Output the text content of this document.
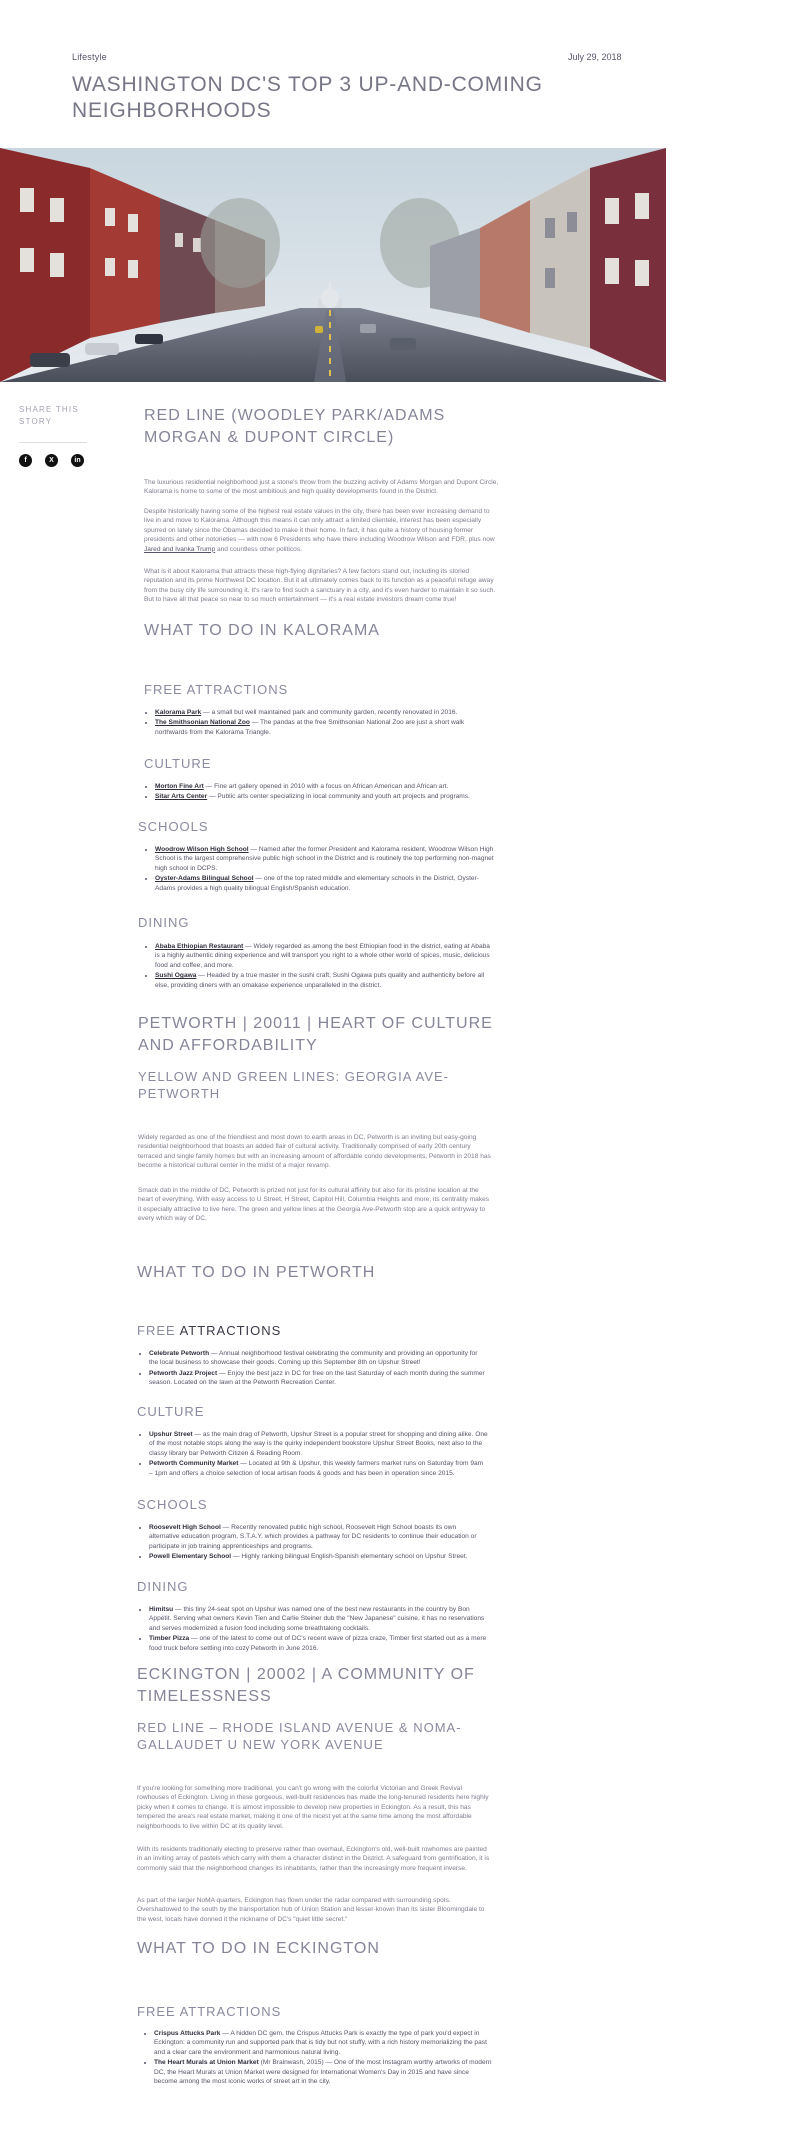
Lifestyle
WASHINGTON DC'S TOP 3 UP-AND-COMING NEIGHBORHOODS
July 29, 2018
SHARE THIS STORY
f	X	in
RED LINE (WOODLEY PARK/ADAMS MORGAN & DUPONT CIRCLE)

The luxurious residential neighborhood just a stone's throw from the buzzing activity of Adams Morgan and Dupont Circle, Kalorama is home to some of the most ambitious and high quality developments found in the District.

Despite historically having some of the highest real estate values in the city, there has been ever increasing demand to live in and move to Kalorama. Although this means it can only attract a limited clientele, interest has been especially spurred on lately since the Obamas decided to make it their home. In fact, it has quite a history of housing former presidents and other notorieties — with now 6 Presidents who have there including Woodrow Wilson and FDR, plus now Jared and Ivanka Trump and countless other politicos.

What is it about Kalorama that attracts these high-flying dignitaries? A few factors stand out, including its storied reputation and its prime Northwest DC location. But it all ultimately comes back to its function as a peaceful refuge away from the busy city life surrounding it. It's rare to find such a sanctuary in a city, and it's even harder to maintain it so such. But to have all that peace so near to so much entertainment — it's a real estate investors dream come true!

WHAT TO DO IN KALORAMA
FREE ATTRACTIONS
• Kalorama Park — a small but well maintained park and community garden, recently renovated in 2016.
• The Smithsonian National Zoo — The pandas at the free Smithsonian National Zoo are just a short walk northwards from the Kalorama Triangle.
CULTURE
• Morton Fine Art — Fine art gallery opened in 2010 with a focus on African American and African art.
• Sitar Arts Center — Public arts center specializing in local community and youth art projects and programs.
SCHOOLS
• Woodrow Wilson High School — Named after the former President and Kalorama resident, Woodrow Wilson High School is the largest comprehensive public high school in the District and is routinely the top performing non-magnet high school in DCPS.
• Oyster-Adams Bilingual School — one of the top rated middle and elementary schools in the District, Oyster-Adams provides a high quality bilingual English/Spanish education.
DINING
• Ababa Ethiopian Restaurant — Widely regarded as among the best Ethiopian food in the district, eating at Ababa is a highly authentic dining experience and will transport you right to a whole other world of spices, music, delicious food and coffee, and more.
• Sushi Ogawa — Headed by a true master in the sushi craft, Sushi Ogawa puts quality and authenticity before all else, providing diners with an omakase experience unparalleled in the district.
PETWORTH | 20011 | HEART OF CULTURE AND AFFORDABILITY
YELLOW AND GREEN LINES: GEORGIA AVE-PETWORTH

Widely regarded as one of the friendliest and most down to earth areas in DC, Petworth is an inviting but easy-going residential neighborhood that boasts an added flair of cultural activity. Traditionally comprised of early 20th century terraced and single family homes but with an increasing amount of affordable condo developments, Petworth in 2018 has become a historical cultural center in the midst of a major revamp.

Smack dab in the middle of DC, Petworth is prized not just for its cultural affinity but also for its pristine location at the heart of everything. With easy access to U Street, H Street, Capitol Hill, Columbia Heights and more, its centrality makes it especially attractive to live here. The green and yellow lines at the Georgia Ave-Petworth stop are a quick entryway to every which way of DC.

WHAT TO DO IN PETWORTH
FREE ATTRACTIONS
• Celebrate Petworth — Annual neighborhood festival celebrating the community and providing an opportunity for the local business to showcase their goods. Coming up this September 8th on Upshur Street!
• Petworth Jazz Project — Enjoy the best jazz in DC for free on the last Saturday of each month during the summer season. Located on the lawn at the Petworth Recreation Center.
CULTURE
• Upshur Street — as the main drag of Petworth, Upshur Street is a popular street for shopping and dining alike. One of the most notable stops along the way is the quirky independent bookstore Upshur Street Books, next also to the classy library bar Petworth Citizen & Reading Room.
• Petworth Community Market — Located at 9th & Upshur, this weekly farmers market runs on Saturday from 9am – 1pm and offers a choice selection of local artisan foods & goods and has been in operation since 2015.
SCHOOLS
• Roosevelt High School — Recently renovated public high school, Roosevelt High School boasts its own alternative education program, S.T.A.Y. which provides a pathway for DC residents to continue their education or participate in job training apprenticeships and programs.
• Powell Elementary School — Highly ranking bilingual English-Spanish elementary school on Upshur Street.
DINING
• Himitsu — this tiny 24-seat spot on Upshur was named one of the best new restaurants in the country by Bon Appétit. Serving what owners Kevin Tien and Carlie Steiner dub the "New Japanese" cuisine, it has no reservations and serves modernized a fusion food including some breathtaking cocktails.
• Timber Pizza — one of the latest to come out of DC's recent wave of pizza craze, Timber first started out as a mere food truck before settling into cozy Petworth in June 2016.
ECKINGTON | 20002 | A COMMUNITY OF TIMELESSNESS
RED LINE – RHODE ISLAND AVENUE & NOMA-GALLAUDET U NEW YORK AVENUE

If you're looking for something more traditional, you can't go wrong with the colorful Victorian and Greek Revival rowhouses of Eckington. Living in these gorgeous, well-built residences has made the long-tenured residents here highly picky when it comes to change. It is almost impossible to develop new properties in Eckington. As a result, this has tempered the area's real estate market, making it one of the nicest yet at the same time among the most affordable neighborhoods to live within DC at its quality level.

With its residents traditionally electing to preserve rather than overhaul, Eckington's old, well-built rowhomes are painted in an inviting array of pastels which carry with them a character distinct in the District. A safeguard from gentrification, it is commonly said that the neighborhood changes its inhabitants, rather than the increasingly more frequent inverse.

As part of the larger NoMA quarters, Eckington has flown under the radar compared with surrounding spots. Overshadowed to the south by the transportation hub of Union Station and lesser-known than its sister Bloomingdale to the west, locals have donned it the nickname of DC's "quiet little secret."

WHAT TO DO IN ECKINGTON
FREE ATTRACTIONS
• Crispus Attucks Park — A hidden DC gem, the Crispus Attucks Park is exactly the type of park you'd expect in Eckington: a community run and supported park that is tidy but not stuffy, with a rich history memorializing the past and a clear care the environment and harmonious natural living.
• The Heart Murals at Union Market (Mr Brainwash, 2015) — One of the most Instagram worthy artworks of modern DC, the Heart Murals at Union Market were designed for International Women's Day in 2015 and have since become among the most iconic works of street art in the city.
